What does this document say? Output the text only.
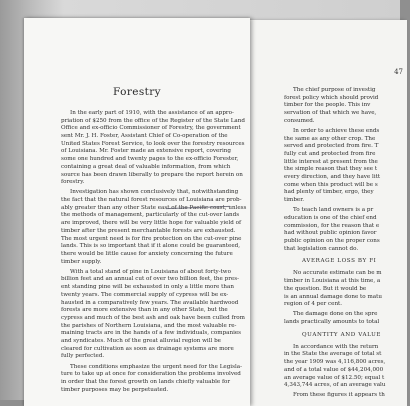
47
The chief purpose of investig
forest policy which should provid
timber for the people. This inv
servation of that which we have,
consumed.
In order to achieve these ends
the same as any other crop. The
served and protected from fire. T
fully cut and protected from fire
little interest at present from the
the simple reason that they see t
every direction, and they have litt
come when this product will be s
had plenty of timber, ergo, they
timber.
To teach land owners is a pr
education is one of the chief end
commission, for the reason that e
had without public opinion favor
public opinion on the proper cons
that legislation cannot do.
AVERAGE LOSS BY FI
No accurate estimate can be m
timber in Louisiana at this time, a
the question. But it would be
is an annual damage done to matu
region of 4 per cent.
The damage done on the spre
lands practically amounts to total
QUANTITY AND VALUE
In accordance with the return
in the State the average of total st
the year 1909 was 4,116,800 acres,
and of a total value of $44,204,000
an average value of $12.50; equal t
4,343,744 acres, of an average valu
From these figures it appears th
Forestry
In the early part of 1910, with the assistance of an appro-
priation of $250 from the office of the Register of the State Land
Office and ex-officio Commissioner of Forestry, the government
sent Mr. J. H. Foster, Assistant Chief of Co-operation of the
United States Forest Service, to look over the forestry resources
of Louisiana. Mr. Foster made an extensive report, covering
some one hundred and twenty pages to the ex-officio Forester,
containing a great deal of valuable information, from which
source has been drawn liberally to prepare the report herein on
forestry.
Investigation has shown conclusively that, notwithstanding
the fact that the natural forest resources of Louisiana are prob-
ably greater than any other State east of the Pacific coast, unless
the methods of management, particularly of the cut-over lands
are improved, there will be very little hope for valuable yield of
timber after the present merchantable forests are exhausted.
The most urgent need is for fire protection on the cut-over pine
lands. This is so important that if it alone could be guaranteed,
there would be little cause for anxiety concerning the future
timber supply.
With a total stand of pine in Louisiana of about forty-two
billion feet and an annual cut of over two billion feet, the pres-
ent standing pine will be exhausted in only a little more than
twenty years. The commercial supply of cypress will be ex-
hausted in a comparatively few years. The available hardwood
forests are more extensive than in any other State, but the
cypress and much of the best ash and oak have been culled from
the parishes of Northern Louisiana, and the most valuable re-
maining tracts are in the hands of a few individuals, companies
and syndicates. Much of the great alluvial region will be
cleared for cultivation as soon as drainage systems are more
fully perfected.
These conditions emphasize the urgent need for the Legisla-
ture to take up at once for consideration the problems involved
in order that the forest growth on lands chiefly valuable for
timber purposes may be perpetuated.
